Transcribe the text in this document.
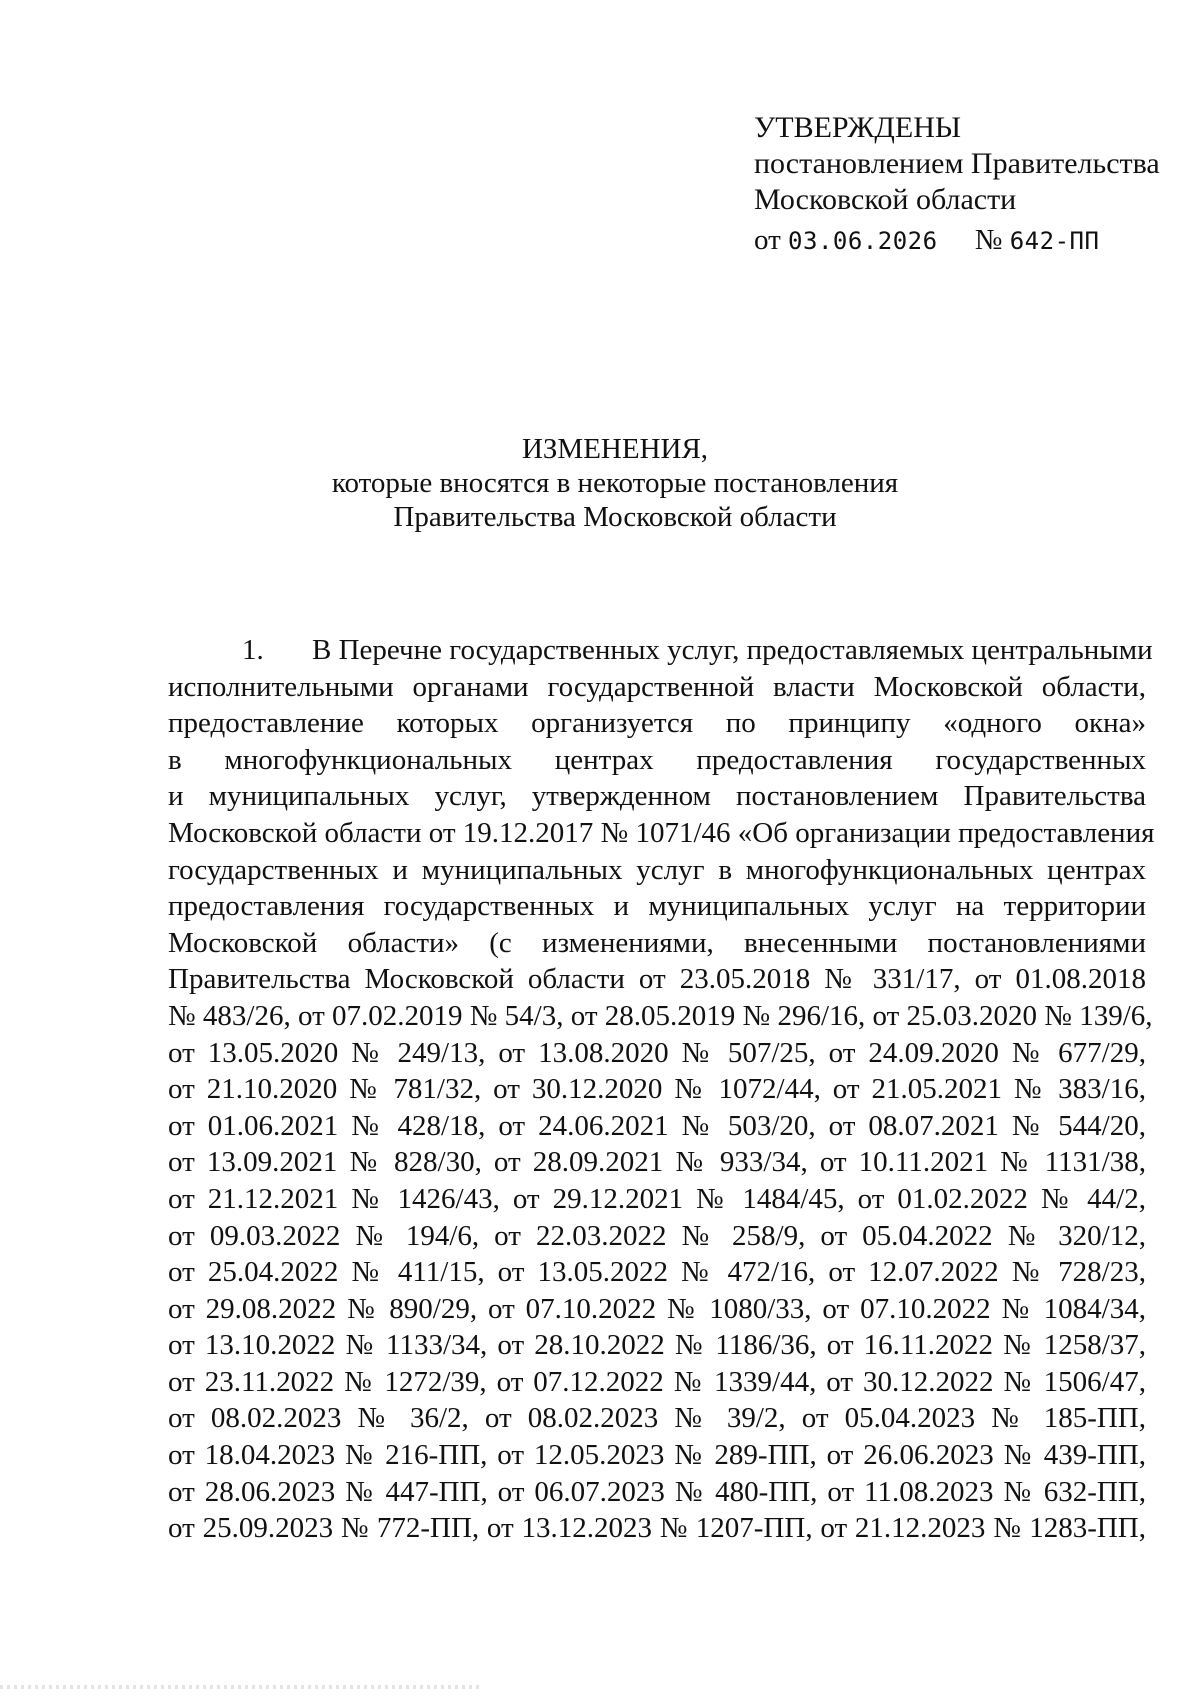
УТВЕРЖДЕНЫ
постановлением Правительства
Московской области
от 03.06.2026 № 642-ПП
ИЗМЕНЕНИЯ,
которые вносятся в некоторые постановления
Правительства Московской области
1. В Перечне государственных услуг, предоставляемых центральными
исполнительными органами государственной власти Московской области,
предоставление которых организуется по принципу «одного окна»
в многофункциональных центрах предоставления государственных
и муниципальных услуг, утвержденном постановлением Правительства
Московской области от 19.12.2017 № 1071/46 «Об организации предоставления
государственных и муниципальных услуг в многофункциональных центрах
предоставления государственных и муниципальных услуг на территории
Московской области» (с изменениями, внесенными постановлениями
Правительства Московской области от 23.05.2018 № 331/17, от 01.08.2018
№ 483/26, от 07.02.2019 № 54/3, от 28.05.2019 № 296/16, от 25.03.2020 № 139/6,
от 13.05.2020 № 249/13, от 13.08.2020 № 507/25, от 24.09.2020 № 677/29,
от 21.10.2020 № 781/32, от 30.12.2020 № 1072/44, от 21.05.2021 № 383/16,
от 01.06.2021 № 428/18, от 24.06.2021 № 503/20, от 08.07.2021 № 544/20,
от 13.09.2021 № 828/30, от 28.09.2021 № 933/34, от 10.11.2021 № 1131/38,
от 21.12.2021 № 1426/43, от 29.12.2021 № 1484/45, от 01.02.2022 № 44/2,
от 09.03.2022 № 194/6, от 22.03.2022 № 258/9, от 05.04.2022 № 320/12,
от 25.04.2022 № 411/15, от 13.05.2022 № 472/16, от 12.07.2022 № 728/23,
от 29.08.2022 № 890/29, от 07.10.2022 № 1080/33, от 07.10.2022 № 1084/34,
от 13.10.2022 № 1133/34, от 28.10.2022 № 1186/36, от 16.11.2022 № 1258/37,
от 23.11.2022 № 1272/39, от 07.12.2022 № 1339/44, от 30.12.2022 № 1506/47,
от 08.02.2023 № 36/2, от 08.02.2023 № 39/2, от 05.04.2023 № 185-ПП,
от 18.04.2023 № 216-ПП, от 12.05.2023 № 289-ПП, от 26.06.2023 № 439-ПП,
от 28.06.2023 № 447-ПП, от 06.07.2023 № 480-ПП, от 11.08.2023 № 632-ПП,
от 25.09.2023 № 772-ПП, от 13.12.2023 № 1207-ПП, от 21.12.2023 № 1283-ПП,
